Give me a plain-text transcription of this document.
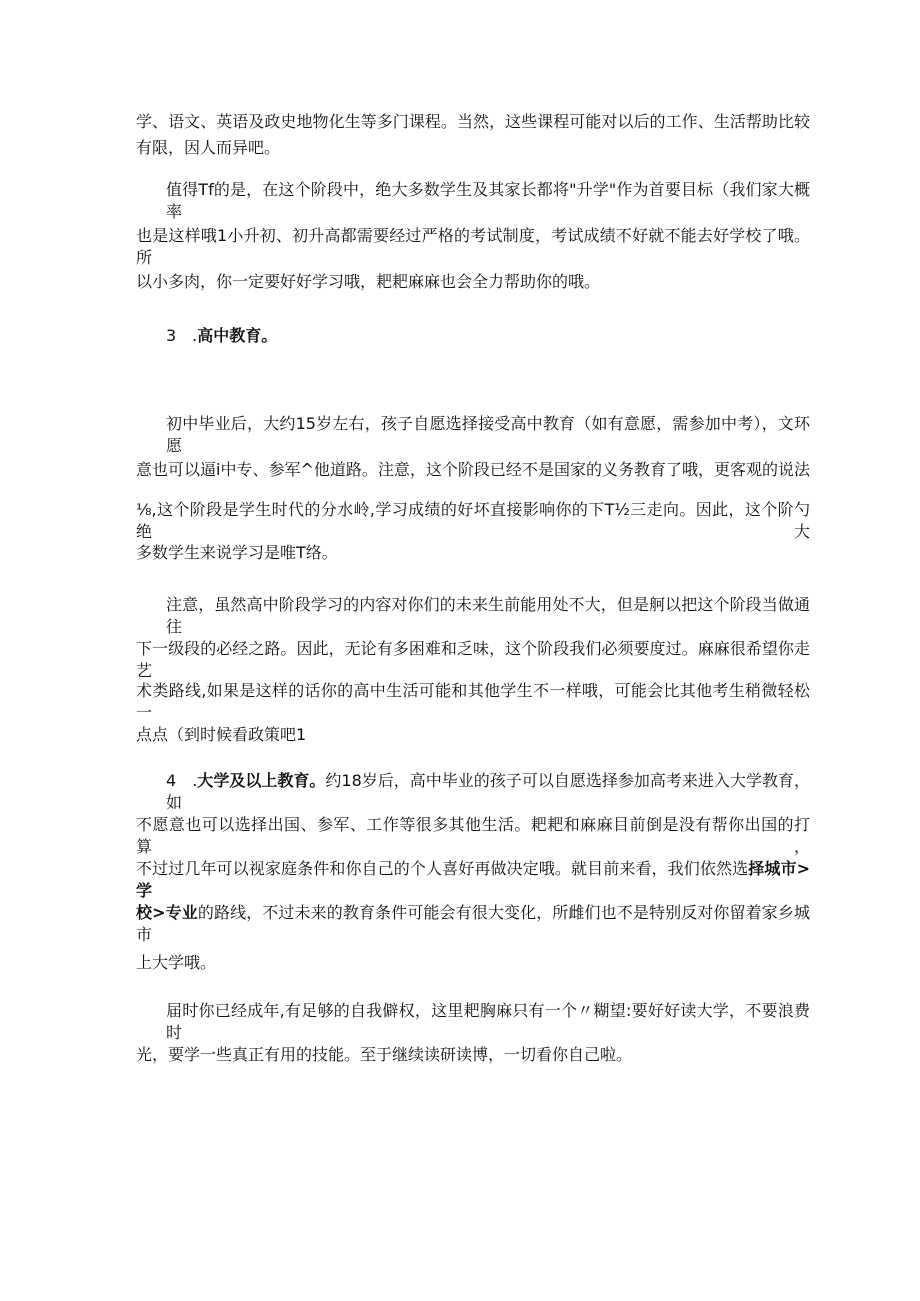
学、语文、英语及政史地物化生等多门课程。当然，这些课程可能对以后的工作、生活帮助比较
有限，因人而异吧。
值得Tf的是，在这个阶段中，绝大多数学生及其家长都将"升学"作为首要目标（我们家大概率
也是这样哦1小升初、初升高都需要经过严格的考试制度，考试成绩不好就不能去好学校了哦。所
以小多肉，你一定要好好学习哦，耙耙麻麻也会全力帮助你的哦。
3　.高中教育。
初中毕业后，大约15岁左右，孩子自愿选择接受高中教育（如有意愿，需参加中考），文环愿
意也可以逼i中专、参军^他道路。注意，这个阶段已经不是国家的义务教育了哦，更客观的说法
⅛,这个阶段是学生时代的分水岭,学习成绩的好坏直接影响你的下T½三走向。因此，这个阶勺绝大
多数学生来说学习是唯T络。
注意，虽然高中阶段学习的内容对你们的未来生前能用处不大，但是舸以把这个阶段当做通往
下一级段的必经之路。因此，无论有多困难和乏味，这个阶段我们必须要度过。麻麻很希望你走艺
术类路线,如果是这样的话你的高中生活可能和其他学生不一样哦，可能会比其他考生稍微轻松一
点点（到时候看政策吧1
4　.大学及以上教育。约18岁后，高中毕业的孩子可以自愿选择参加高考来进入大学教育，如
不愿意也可以选择出国、参军、工作等很多其他生活。耙耙和麻麻目前倒是没有帮你出国的打算，
不过过几年可以视家庭条件和你自己的个人喜好再做决定哦。就目前来看，我们依然选择城市>学
校>专业的路线，不过未来的教育条件可能会有很大变化，所雌们也不是特别反对你留着家乡城市
上大学哦。
届时你已经成年,有足够的自我僻权，这里耙胸麻只有一个〃糊望:要好好读大学，不要浪费时
光，要学一些真正有用的技能。至于继续读研读博，一切看你自己啦。
